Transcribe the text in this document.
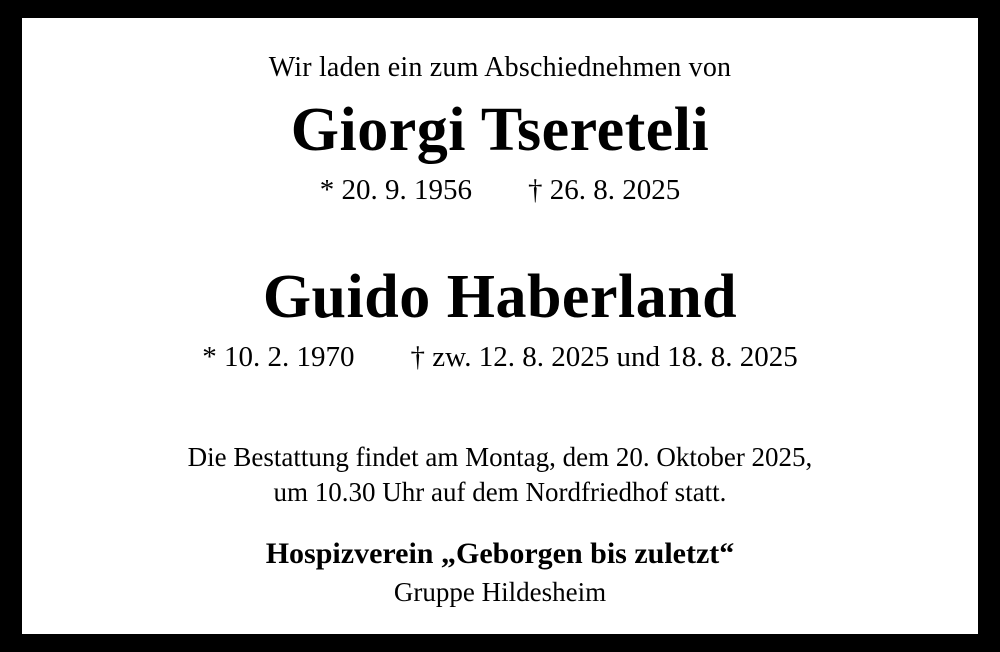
Wir laden ein zum Abschiednehmen von
Giorgi Tsereteli
* 20. 9. 1956 † 26. 8. 2025
Guido Haberland
* 10. 2. 1970 † zw. 12. 8. 2025 und 18. 8. 2025
Die Bestattung findet am Montag, dem 20. Oktober 2025,
um 10.30 Uhr auf dem Nordfriedhof statt.
Hospizverein „Geborgen bis zuletzt“
Gruppe Hildesheim
